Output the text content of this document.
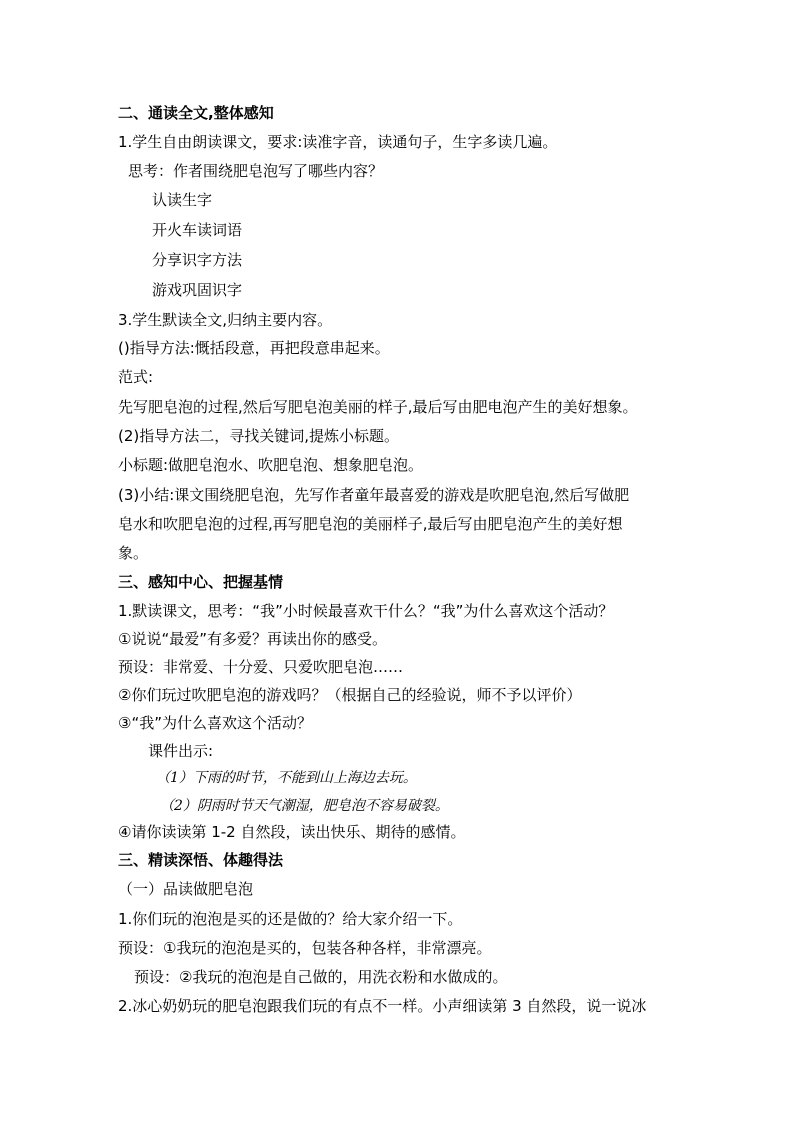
二、通读全文,整体感知
1.学生自由朗读课文，要求:读准字音，读通句子，生字多读几遍。
思考：作者围绕肥皂泡写了哪些内容？
认读生字
开火车读词语
分享识字方法
游戏巩固识字
3.学生默读全文,归纳主要内容。
()指导方法:慨括段意，再把段意串起来。
范式:
先写肥皂泡的过程,然后写肥皂泡美丽的样子,最后写由肥电泡产生的美好想象。
(2)指导方法二，寻找关键词,提炼小标题。
小标题:做肥皂泡水、吹肥皂泡、想象肥皂泡。
(3)小结:课文围绕肥皂泡，先写作者童年最喜爱的游戏是吹肥皂泡,然后写做肥
皂水和吹肥皂泡的过程,再写肥皂泡的美丽样子,最后写由肥皂泡产生的美好想
象。
三、感知中心、把握基情
1.默读课文，思考：“我”小时候最喜欢干什么？“我”为什么喜欢这个活动？
①说说“最爱”有多爱？再读出你的感受。
预设：非常爱、十分爱、只爱吹肥皂泡……
②你们玩过吹肥皂泡的游戏吗？（根据自己的经验说，师不予以评价）
③“我”为什么喜欢这个活动？
课件出示:
（1）下雨的时节，不能到山上海边去玩。
（2）阴雨时节天气潮湿，肥皂泡不容易破裂。
④请你读读第 1-2 自然段，读出快乐、期待的感情。
三、精读深悟、体趣得法
（一）品读做肥皂泡
1.你们玩的泡泡是买的还是做的？给大家介绍一下。
预设：①我玩的泡泡是买的，包装各种各样，非常漂亮。
预设：②我玩的泡泡是自己做的，用洗衣粉和水做成的。
2.冰心奶奶玩的肥皂泡跟我们玩的有点不一样。小声细读第 3 自然段，说一说冰
